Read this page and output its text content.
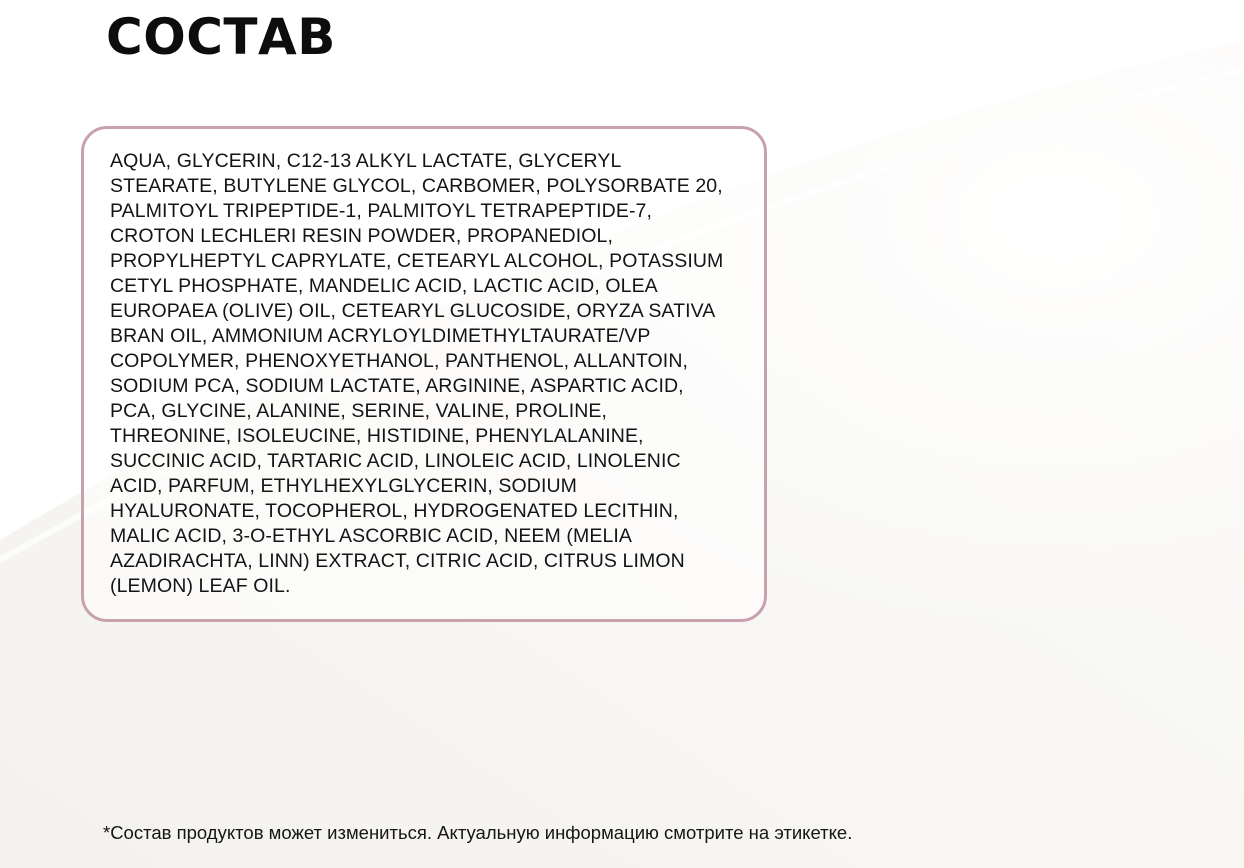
СОСТАВ

AQUA, GLYCERIN, C12-13 ALKYL LACTATE, GLYCERYL
STEARATE, BUTYLENE GLYCOL, CARBOMER, POLYSORBATE 20,
PALMITOYL TRIPEPTIDE-1, PALMITOYL TETRAPEPTIDE-7,
CROTON LECHLERI RESIN POWDER, PROPANEDIOL,
PROPYLHEPTYL CAPRYLATE, CETEARYL ALCOHOL, POTASSIUM
CETYL PHOSPHATE, MANDELIC ACID, LACTIC ACID, OLEA
EUROPAEA (OLIVE) OIL, CETEARYL GLUCOSIDE, ORYZA SATIVA
BRAN OIL, AMMONIUM ACRYLOYLDIMETHYLTAURATE/VP
COPOLYMER, PHENOXYETHANOL, PANTHENOL, ALLANTOIN,
SODIUM PCA, SODIUM LACTATE, ARGININE, ASPARTIC ACID,
PCA, GLYCINE, ALANINE, SERINE, VALINE, PROLINE,
THREONINE, ISOLEUCINE, HISTIDINE, PHENYLALANINE,
SUCCINIC ACID, TARTARIC ACID, LINOLEIC ACID, LINOLENIC
ACID, PARFUM, ETHYLHEXYLGLYCERIN, SODIUM
HYALURONATE, TOCOPHEROL, HYDROGENATED LECITHIN,
MALIC ACID, 3-O-ETHYL ASCORBIC ACID, NEEM (MELIA
AZADIRACHTA, LINN) EXTRACT, CITRIC ACID, CITRUS LIMON
(LEMON) LEAF OIL.

*Состав продуктов может измениться. Актуальную информацию смотрите на этикетке.
